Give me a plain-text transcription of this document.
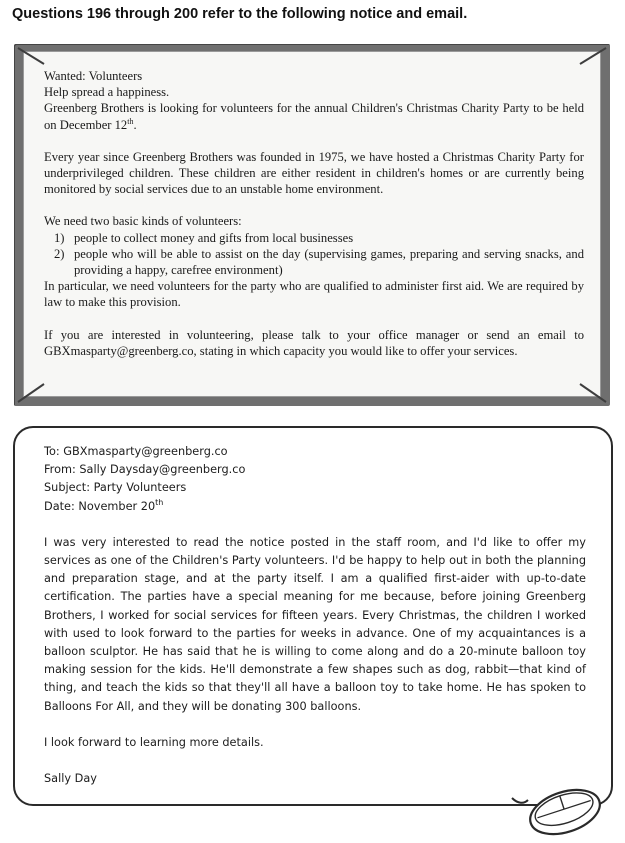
Questions 196 through 200 refer to the following notice and email.

Wanted: Volunteers

Help spread a happiness.

Greenberg Brothers is looking for volunteers for the annual Children's Christmas Charity Party to be held on December 12th.

Every year since Greenberg Brothers was founded in 1975, we have hosted a Christmas Charity Party for underprivileged children. These children are either resident in children's homes or are currently being monitored by social services due to an unstable home environment.

We need two basic kinds of volunteers:

1) people to collect money and gifts from local businesses
2) people who will be able to assist on the day (supervising games, preparing and serving snacks, and providing a happy, carefree environment)

In particular, we need volunteers for the party who are qualified to administer first aid. We are required by law to make this provision.

If you are interested in volunteering, please talk to your office manager or send an email to GBXmasparty@greenberg.co, stating in which capacity you would like to offer your services.

To: GBXmasparty@greenberg.co

From: Sally Daysday@greenberg.co

Subject: Party Volunteers

Date: November 20th

I was very interested to read the notice posted in the staff room, and I'd like to offer my services as one of the Children's Party volunteers. I'd be happy to help out in both the planning and preparation stage, and at the party itself. I am a qualified first-aider with up-to-date certification. The parties have a special meaning for me because, before joining Greenberg Brothers, I worked for social services for fifteen years. Every Christmas, the children I worked with used to look forward to the parties for weeks in advance. One of my acquaintances is a balloon sculptor. He has said that he is willing to come along and do a 20-minute balloon toy making session for the kids. He'll demonstrate a few shapes such as dog, rabbit—that kind of thing, and teach the kids so that they'll all have a balloon toy to take home. He has spoken to Balloons For All, and they will be donating 300 balloons.

I look forward to learning more details.

Sally Day
